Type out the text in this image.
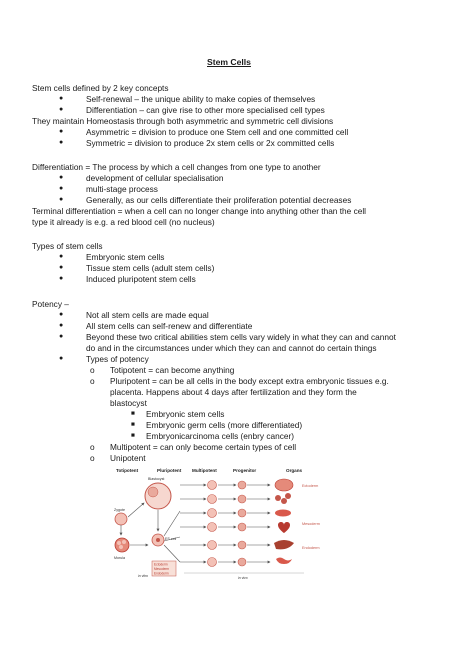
Stem Cells
Stem cells defined by 2 key concepts
●	Self-renewal – the unique ability to make copies of themselves
●	Differentiation – can give rise to other more specialised cell types
They maintain Homeostasis through both asymmetric and symmetric cell divisions
●	Asymmetric = division to produce one Stem cell and one committed cell
●	Symmetric = division to produce 2x stem cells or 2x committed cells
Differentiation = The process by which a cell changes from one type to another
●	development of cellular specialisation
●	multi-stage process
●	Generally, as our cells differentiate their proliferation potential decreases
Terminal differentiation = when a cell can no longer change into anything other than the cell
type it already is e.g. a red blood cell (no nucleus)
Types of stem cells
●	Embryonic stem cells
●	Tissue stem cells (adult stem cells)
●	Induced pluripotent stem cells
Potency –
●	Not all stem cells are made equal
●	All stem cells can self-renew and differentiate
●	Beyond these two critical abilities stem cells vary widely in what they can and cannot
do and in the circumstances under which they can and cannot do certain things
●	Types of potency
o Totipotent = can become anything
o Pluripotent = can be all cells in the body except extra embryonic tissues e.g.
placenta. Happens about 4 days after fertilization and they form the
blastocyst
■ Embryonic stem cells
■ Embryonic germ cells (more differentiated)
■ Embryonicarcinoma cells (enbry cancer)
o Multipotent = can only become certain types of cell
o Unipotent
Totipotent	Pluripotent Multipotent	Progenitor	Organs
Blastocyst
Zygote
Morula
ES cell
in vitro
Ectoderm
Mesoderm
Endoderm
Ectoderm
Mesoderm
Endoderm
in vivo
